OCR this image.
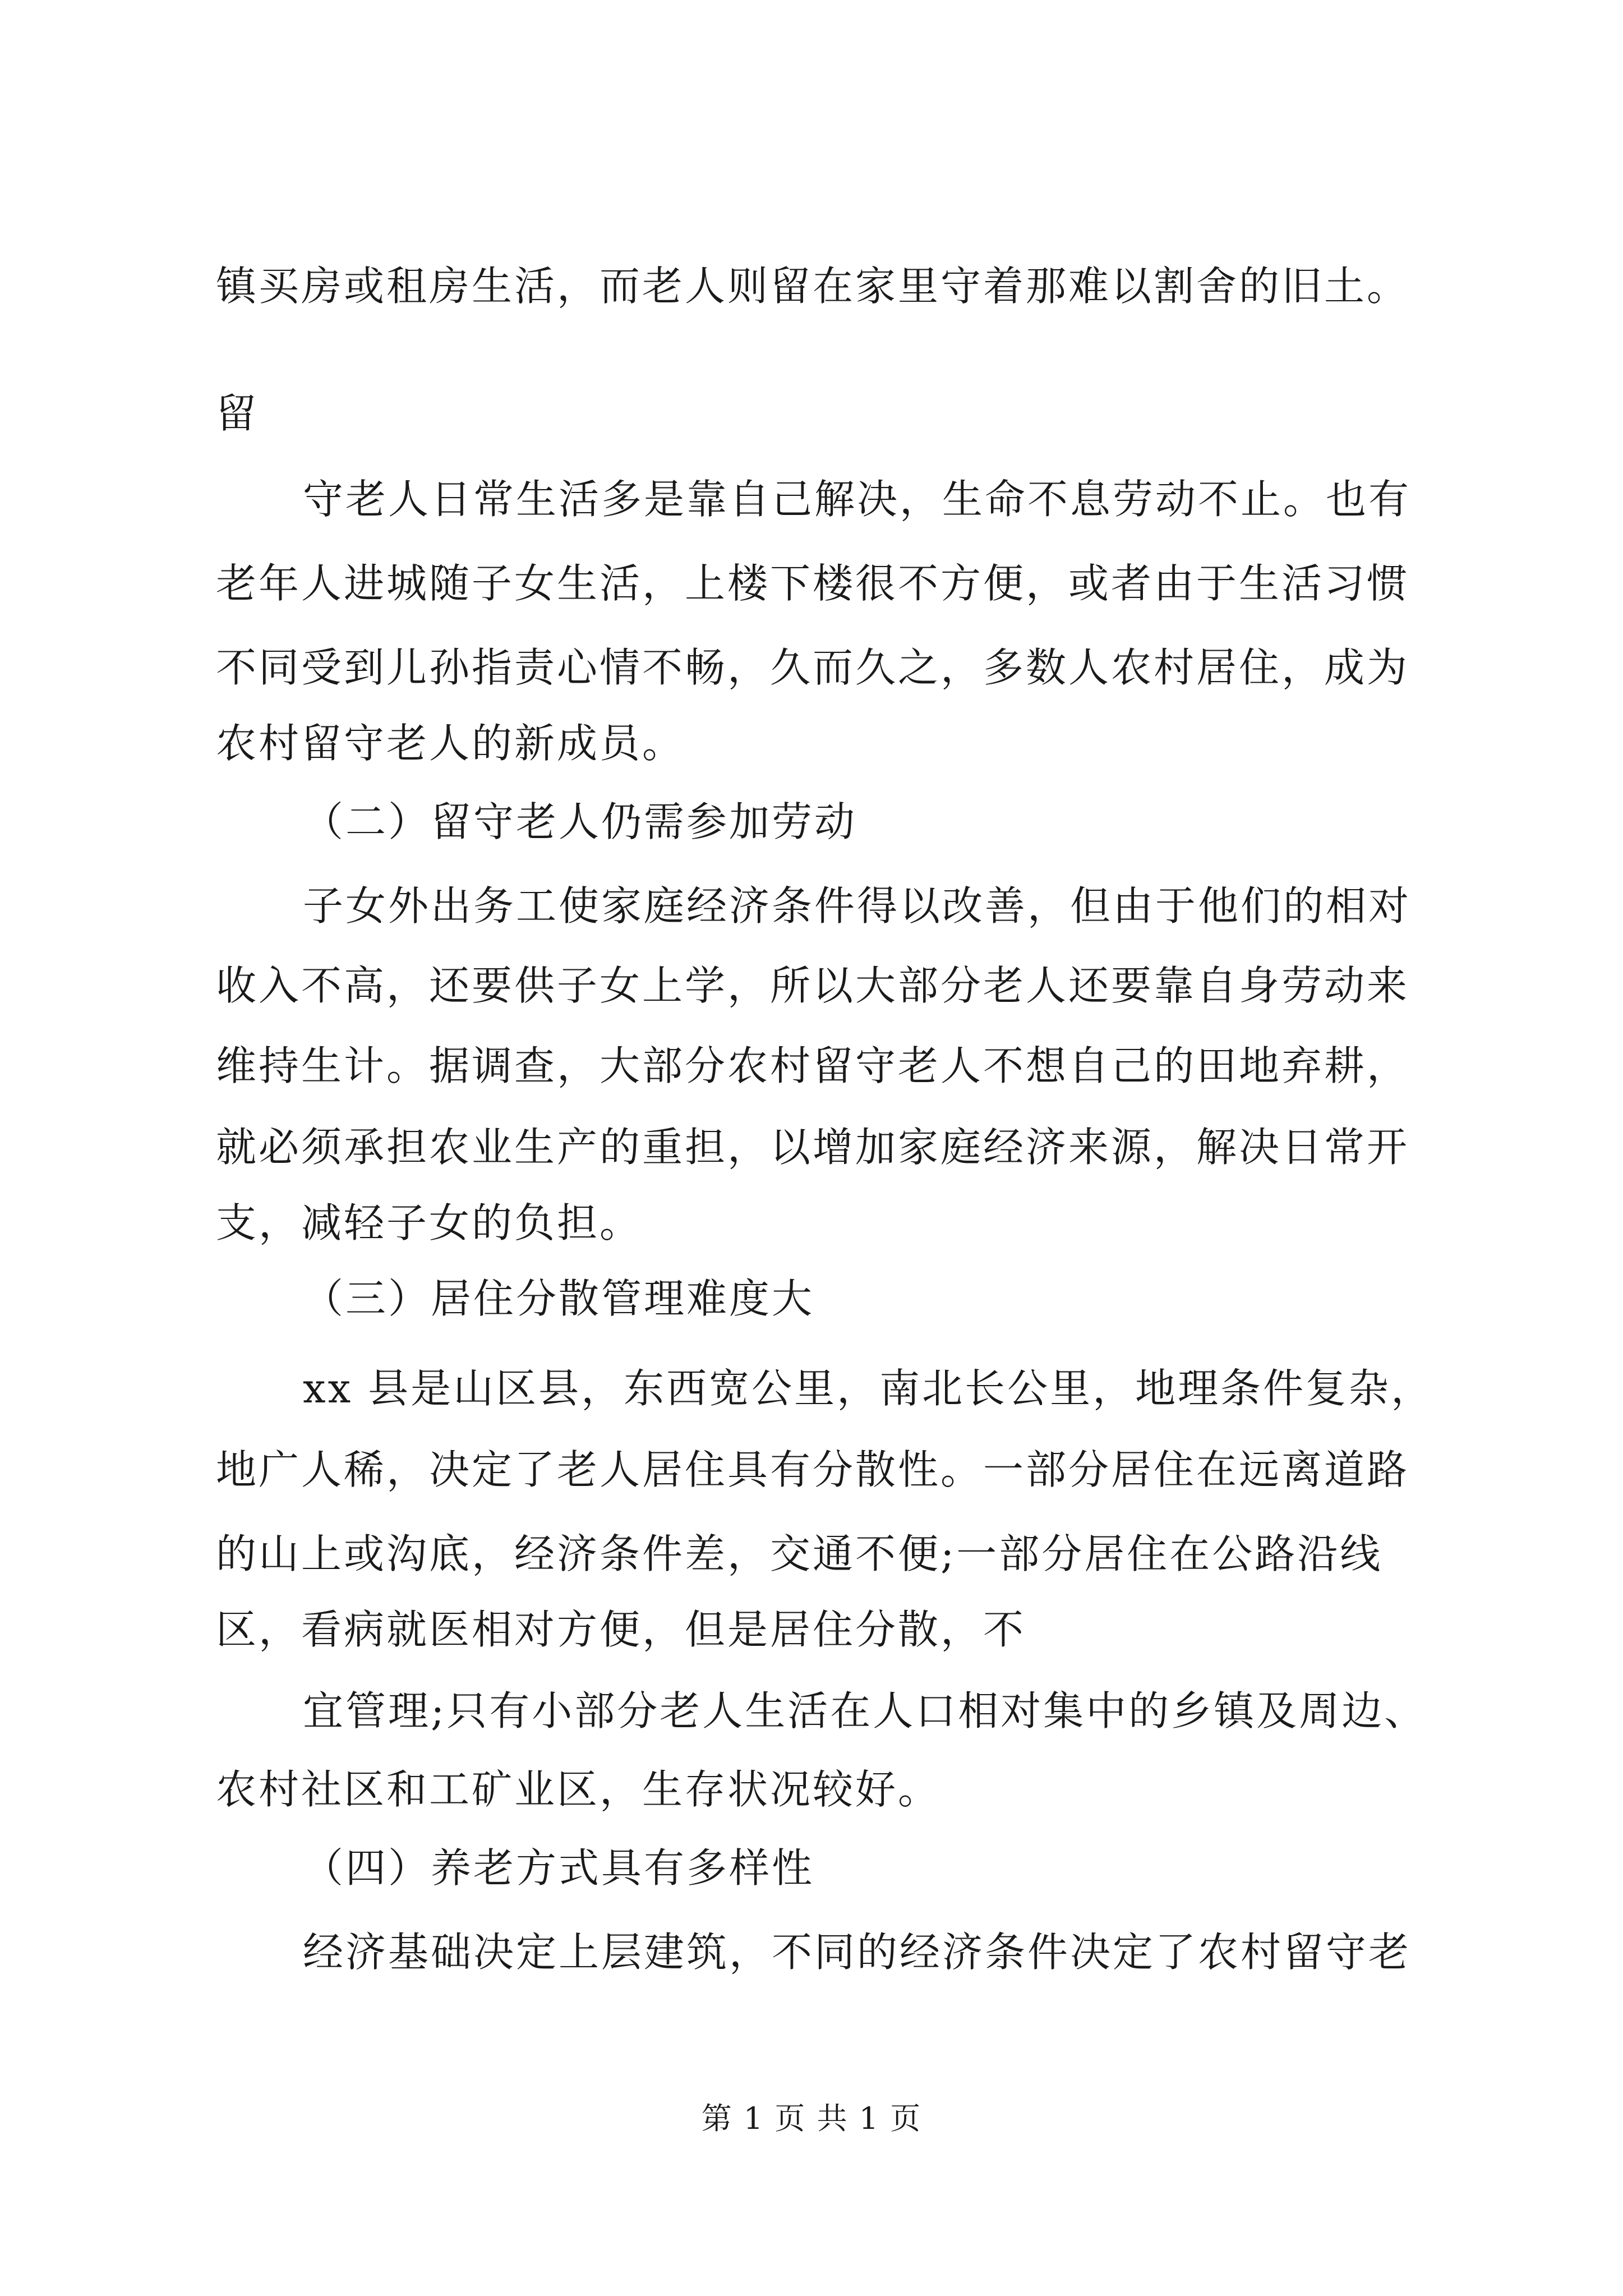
镇买房或租房生活，而老人则留在家里守着那难以割舍的旧土。
留
守老人日常生活多是靠自己解决，生命不息劳动不止。也有
老年人进城随子女生活，上楼下楼很不方便，或者由于生活习惯
不同受到儿孙指责心情不畅，久而久之，多数人农村居住，成为
农村留守老人的新成员。
（二）留守老人仍需参加劳动
子女外出务工使家庭经济条件得以改善，但由于他们的相对
收入不高，还要供子女上学，所以大部分老人还要靠自身劳动来
维持生计。据调查，大部分农村留守老人不想自己的田地弃耕，
就必须承担农业生产的重担，以增加家庭经济来源，解决日常开
支，减轻子女的负担。
（三）居住分散管理难度大
xx 县是山区县，东西宽公里，南北长公里，地理条件复杂，
地广人稀，决定了老人居住具有分散性。一部分居住在远离道路
的山上或沟底，经济条件差，交通不便;一部分居住在公路沿线
区，看病就医相对方便，但是居住分散，不
宜管理;只有小部分老人生活在人口相对集中的乡镇及周边、
农村社区和工矿业区，生存状况较好。
（四）养老方式具有多样性
经济基础决定上层建筑，不同的经济条件决定了农村留守老
第 1 页 共 1 页
